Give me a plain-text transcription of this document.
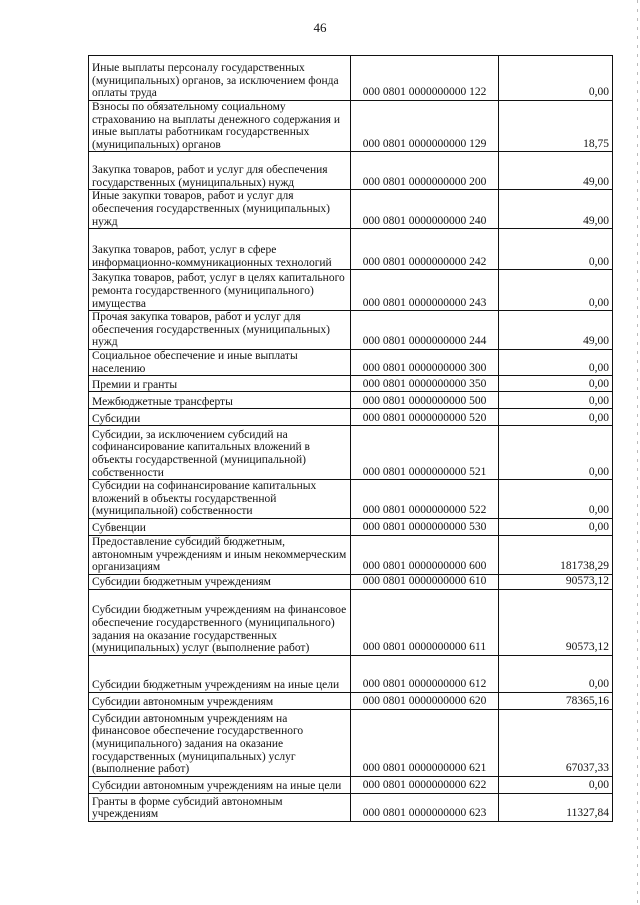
46
Иные выплаты персоналу государственных (муниципальных) органов, за исключением фонда оплаты труда	000 0801 0000000000 122	0,00
Взносы по обязательному социальному страхованию на выплаты денежного содержания и иные выплаты работникам государственных (муниципальных) органов	000 0801 0000000000 129	18,75
Закупка товаров, работ и услуг для обеспечения государственных (муниципальных) нужд	000 0801 0000000000 200	49,00
Иные закупки товаров, работ и услуг для обеспечения государственных (муниципальных) нужд	000 0801 0000000000 240	49,00
Закупка товаров, работ, услуг в сфере информационно-коммуникационных технологий	000 0801 0000000000 242	0,00
Закупка товаров, работ, услуг в целях капитального ремонта государственного (муниципального) имущества	000 0801 0000000000 243	0,00
Прочая закупка товаров, работ и услуг для обеспечения государственных (муниципальных) нужд	000 0801 0000000000 244	49,00
Социальное обеспечение и иные выплаты населению	000 0801 0000000000 300	0,00
Премии и гранты	000 0801 0000000000 350	0,00
Межбюджетные трансферты	000 0801 0000000000 500	0,00
Субсидии	000 0801 0000000000 520	0,00
Субсидии, за исключением субсидий на софинансирование капитальных вложений в объекты государственной (муниципальной) собственности	000 0801 0000000000 521	0,00
Субсидии на софинансирование капитальных вложений в объекты государственной (муниципальной) собственности	000 0801 0000000000 522	0,00
Субвенции	000 0801 0000000000 530	0,00
Предоставление субсидий бюджетным, автономным учреждениям и иным некоммерческим организациям	000 0801 0000000000 600	181738,29
Субсидии бюджетным учреждениям	000 0801 0000000000 610	90573,12
Субсидии бюджетным учреждениям на финансовое обеспечение государственного (муниципального) задания на оказание государственных (муниципальных) услуг (выполнение работ)	000 0801 0000000000 611	90573,12
Субсидии бюджетным учреждениям на иные цели	000 0801 0000000000 612	0,00
Субсидии автономным учреждениям	000 0801 0000000000 620	78365,16
Субсидии автономным учреждениям на финансовое обеспечение государственного (муниципального) задания на оказание государственных (муниципальных) услуг (выполнение работ)	000 0801 0000000000 621	67037,33
Субсидии автономным учреждениям на иные цели	000 0801 0000000000 622	0,00
Гранты в форме субсидий автономным учреждениям	000 0801 0000000000 623	11327,84
